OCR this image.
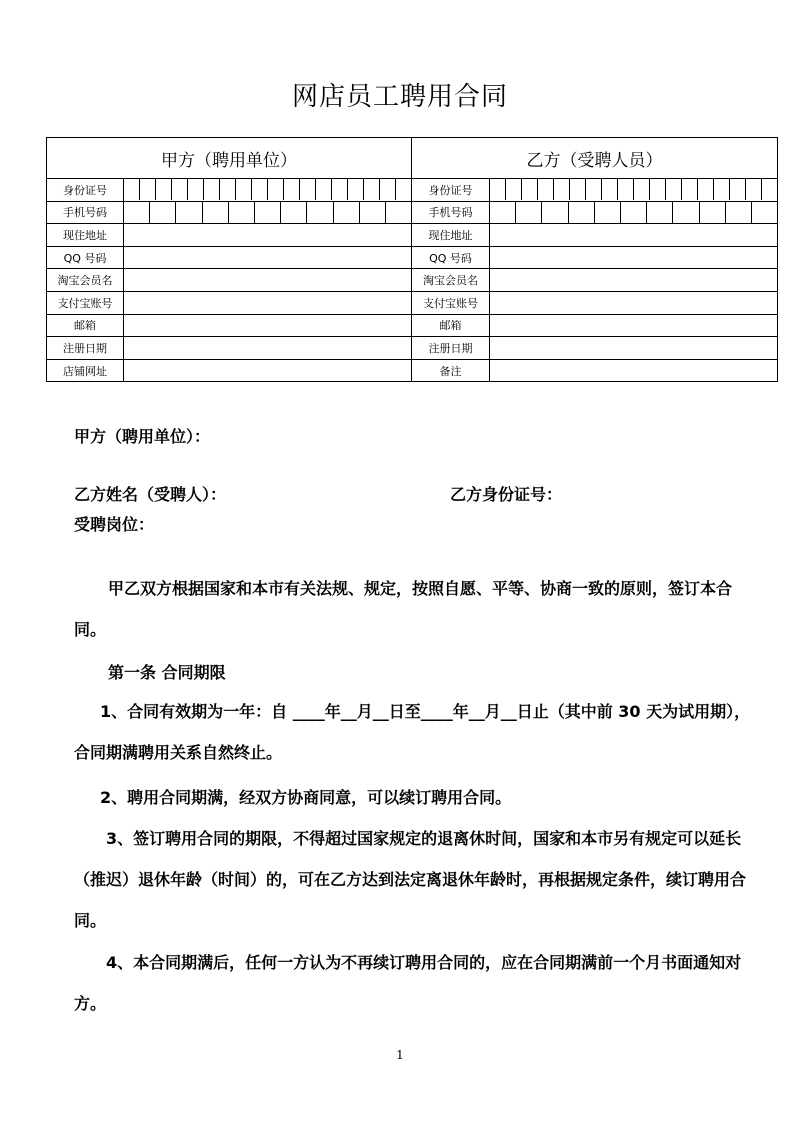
网店员工聘用合同
甲方（聘用单位）		乙方（受聘人员）	
身份证号		身份证号	

手机号码		手机号码	

现住地址		现住地址	
QQ 号码		QQ 号码	
淘宝会员名		淘宝会员名	
支付宝账号		支付宝账号	
邮箱		邮箱	
注册日期		注册日期	
店铺网址		备注	
甲方（聘用单位）：
乙方姓名（受聘人）：	乙方身份证号：
受聘岗位：
甲乙双方根据国家和本市有关法规、规定，按照自愿、平等、协商一致的原则，签订本合同。
第一条 合同期限
1、合同有效期为一年：自 ____年__月__日至____年__月__日止（其中前 30 天为试用期），合同期满聘用关系自然终止。
2、聘用合同期满，经双方协商同意，可以续订聘用合同。
3、签订聘用合同的期限，不得超过国家规定的退离休时间，国家和本市另有规定可以延长（推迟）退休年龄（时间）的，可在乙方达到法定离退休年龄时，再根据规定条件，续订聘用合同。
4、本合同期满后，任何一方认为不再续订聘用合同的，应在合同期满前一个月书面通知对方。
1
